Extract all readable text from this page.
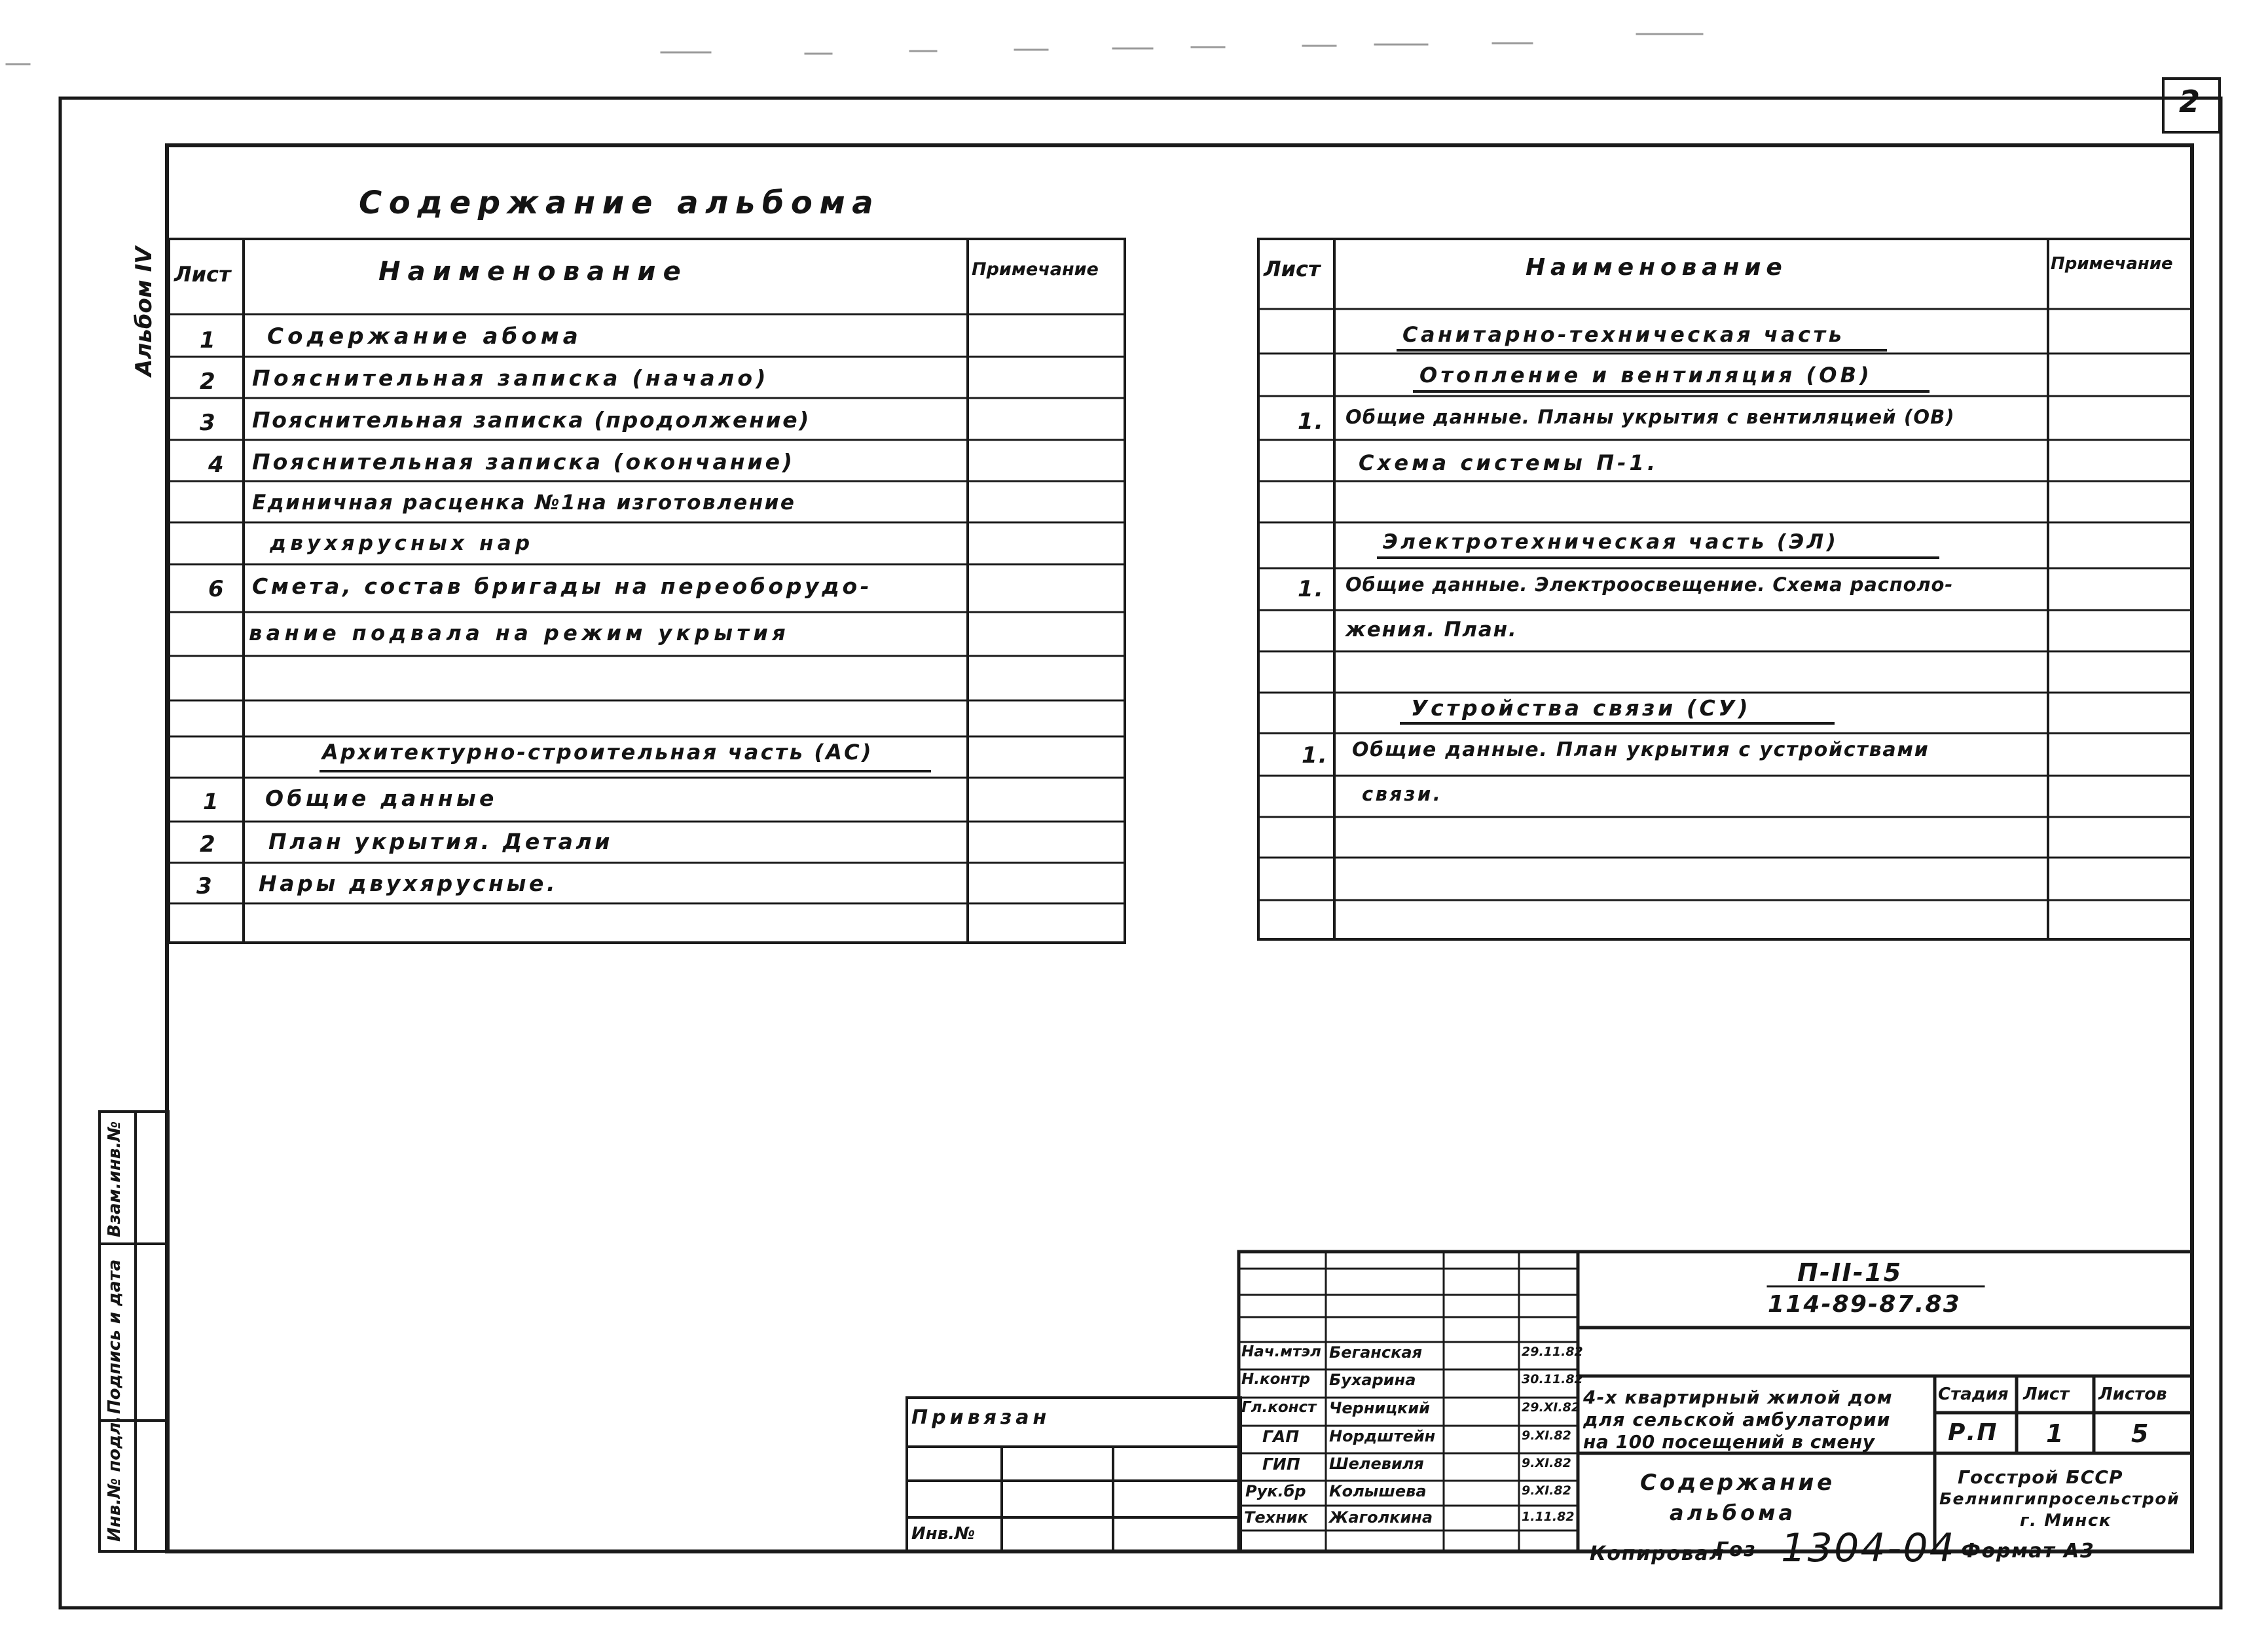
2
Альбом IV
Содержание альбома
Лист	Наименование	Примечание
1 Содержание абома
2 Пояснительная записка (начало)
3 Пояснительная записка (продолжение)
4 Пояснительная записка (окончание)
Единичная расценка №1на изготовление
двухярусных нар
6 Смета, состав бригады на переоборудо-
вание подвала на режим укрытия
Архитектурно-строительная часть (АС)
1 Общие данные
2 План укрытия. Детали
3 Нары двухярусные.
Лист	Наименование	Примечание
Санитарно-техническая часть
Отопление и вентиляция (ОВ)
1. Общие данные. Планы укрытия с вентиляцией (ОВ)
Схема системы П-1.
Электротехническая часть (ЭЛ)
1. Общие данные. Электроосвещение. Схема располо-
жения. План.
Устройства связи (СУ)
1. Общие данные. План укрытия с устройствами
связи.
Инв.№ подл.
Подпись и дата
Взам.инв.№
Привязан
Инв.№
П-II-15
114-89-87.83
Нач.мтэл Беганская	29.11.82
Н.контр Бухарина	30.11.82
Гл.конст Черницкий	29.XI.82
ГАП Нордштейн	9.XI.82
ГИП Шелевиля	9.XI.82
Рук.бр Колышева	9.XI.82
Техник Жаголкина	1.11.82
4-х квартирный жилой дом
для сельской амбулатории
на 100 посещений в смену
Содержание
альбома
Стадия Лист Листов
Р.П 1	5
Госстрой БССР
Белнипгипросельстрой
г. Минск
Копировал
Гоз 1304-04 Формат А3
